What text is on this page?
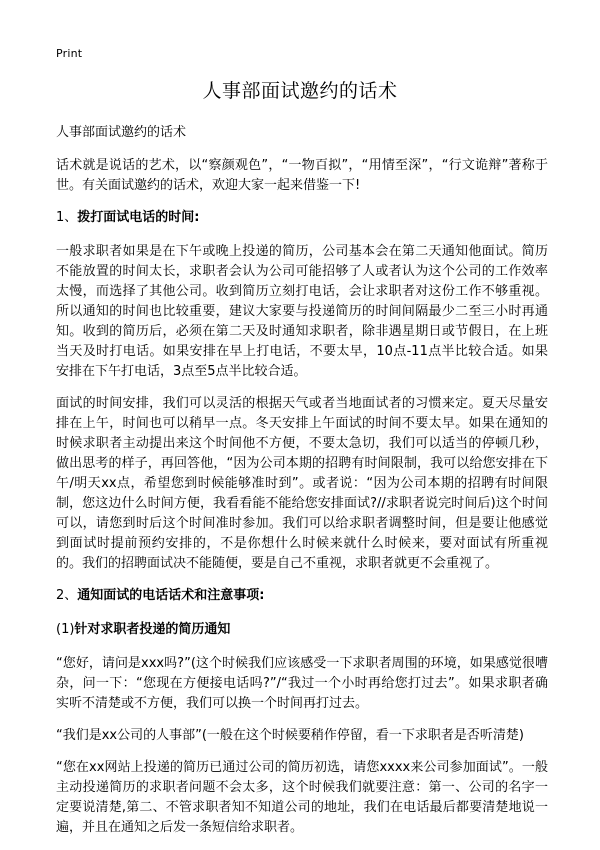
Print
人事部面试邀约的话术

人事部面试邀约的话术

话术就是说话的艺术，以“察颜观色”，“一物百拟”，“用情至深”，“行文诡辩”著称于世。有关面试邀约的话术，欢迎大家一起来借鉴一下!

1、拨打面试电话的时间:

一般求职者如果是在下午或晚上投递的简历，公司基本会在第二天通知他面试。简历不能放置的时间太长，求职者会认为公司可能招够了人或者认为这个公司的工作效率太慢，而选择了其他公司。收到简历立刻打电话，会让求职者对这份工作不够重视。所以通知的时间也比较重要，建议大家要与投递简历的时间间隔最少二至三小时再通知。收到的简历后，必须在第二天及时通知求职者，除非遇星期日或节假日，在上班当天及时打电话。如果安排在早上打电话，不要太早，10点-11点半比较合适。如果安排在下午打电话，3点至5点半比较合适。

面试的时间安排，我们可以灵活的根据天气或者当地面试者的习惯来定。夏天尽量安排在上午，时间也可以稍早一点。冬天安排上午面试的时间不要太早。如果在通知的时候求职者主动提出来这个时间他不方便，不要太急切，我们可以适当的停顿几秒，做出思考的样子，再回答他，“因为公司本期的招聘有时间限制，我可以给您安排在下午/明天xx点，希望您到时候能够准时到”。或者说：“因为公司本期的招聘有时间限制，您这边什么时间方便，我看看能不能给您安排面试?//求职者说完时间后)这个时间可以，请您到时后这个时间准时参加。我们可以给求职者调整时间，但是要让他感觉到面试时提前预约安排的，不是你想什么时候来就什么时候来，要对面试有所重视的。我们的招聘面试决不能随便，要是自己不重视，求职者就更不会重视了。

2、通知面试的电话话术和注意事项:
(1)针对求职者投递的简历通知

“您好，请问是xxx吗?”(这个时候我们应该感受一下求职者周围的环境，如果感觉很嘈杂，问一下：“您现在方便接电话吗?”/“我过一个小时再给您打过去”。如果求职者确实听不清楚或不方便，我们可以换一个时间再打过去。

“我们是xx公司的人事部”(一般在这个时候要稍作停留，看一下求职者是否听清楚)

“您在xx网站上投递的简历已通过公司的简历初选，请您xxxx来公司参加面试”。一般主动投递简历的求职者问题不会太多，这个时候我们就要注意：第一、公司的名字一定要说清楚,第二、不管求职者知不知道公司的地址，我们在电话最后都要清楚地说一遍，并且在通知之后发一条短信给求职者。
